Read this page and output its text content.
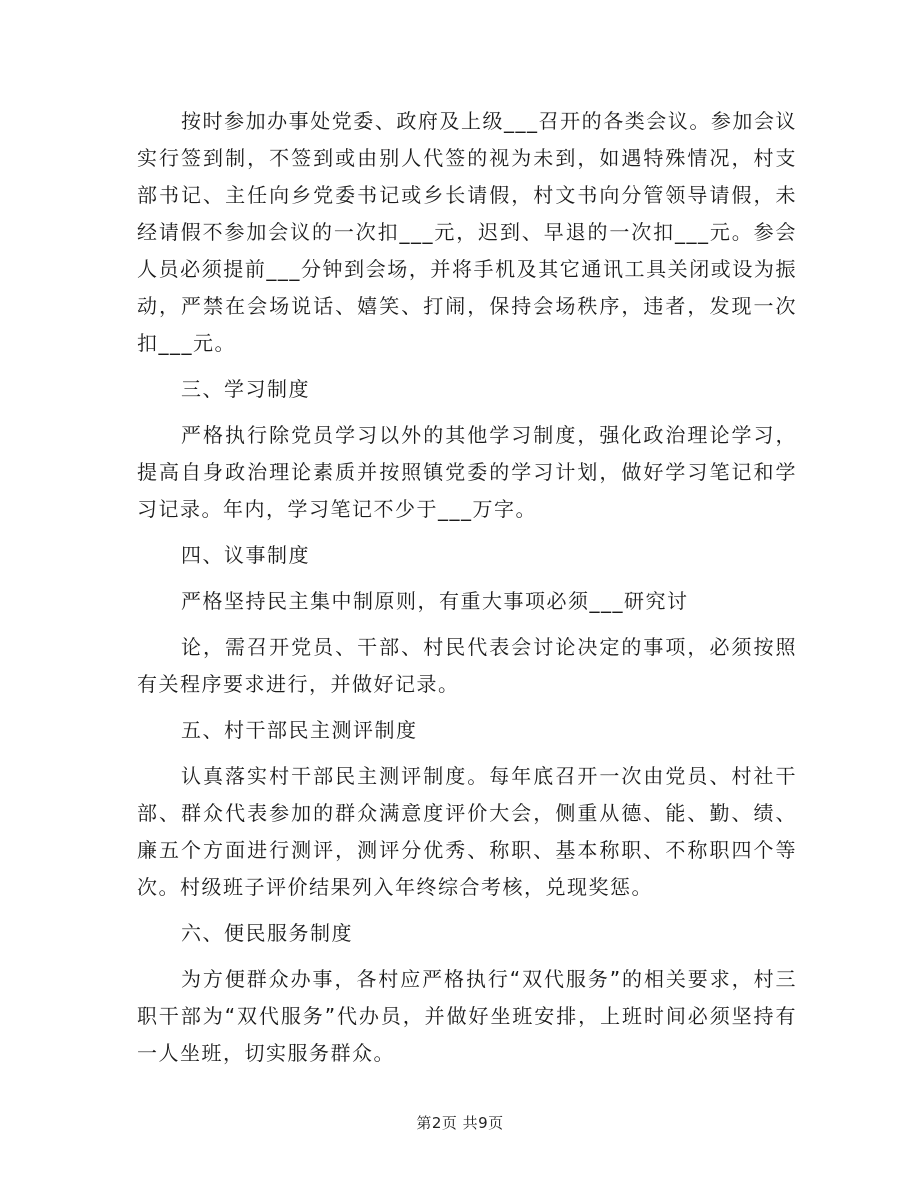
按时参加办事处党委、政府及上级___召开的各类会议。参加会议实行签到制，不签到或由别人代签的视为未到，如遇特殊情况，村支部书记、主任向乡党委书记或乡长请假，村文书向分管领导请假，未经请假不参加会议的一次扣___元，迟到、早退的一次扣___元。参会人员必须提前___分钟到会场，并将手机及其它通讯工具关闭或设为振动，严禁在会场说话、嬉笑、打闹，保持会场秩序，违者，发现一次扣___元。

三、学习制度

严格执行除党员学习以外的其他学习制度，强化政治理论学习，提高自身政治理论素质并按照镇党委的学习计划，做好学习笔记和学习记录。年内，学习笔记不少于___万字。

四、议事制度

严格坚持民主集中制原则，有重大事项必须___研究讨

论，需召开党员、干部、村民代表会讨论决定的事项，必须按照有关程序要求进行，并做好记录。

五、村干部民主测评制度

认真落实村干部民主测评制度。每年底召开一次由党员、村社干部、群众代表参加的群众满意度评价大会，侧重从德、能、勤、绩、廉五个方面进行测评，测评分优秀、称职、基本称职、不称职四个等次。村级班子评价结果列入年终综合考核，兑现奖惩。

六、便民服务制度

为方便群众办事，各村应严格执行“双代服务”的相关要求，村三职干部为“双代服务”代办员，并做好坐班安排，上班时间必须坚持有一人坐班，切实服务群众。

第2页 共9页
